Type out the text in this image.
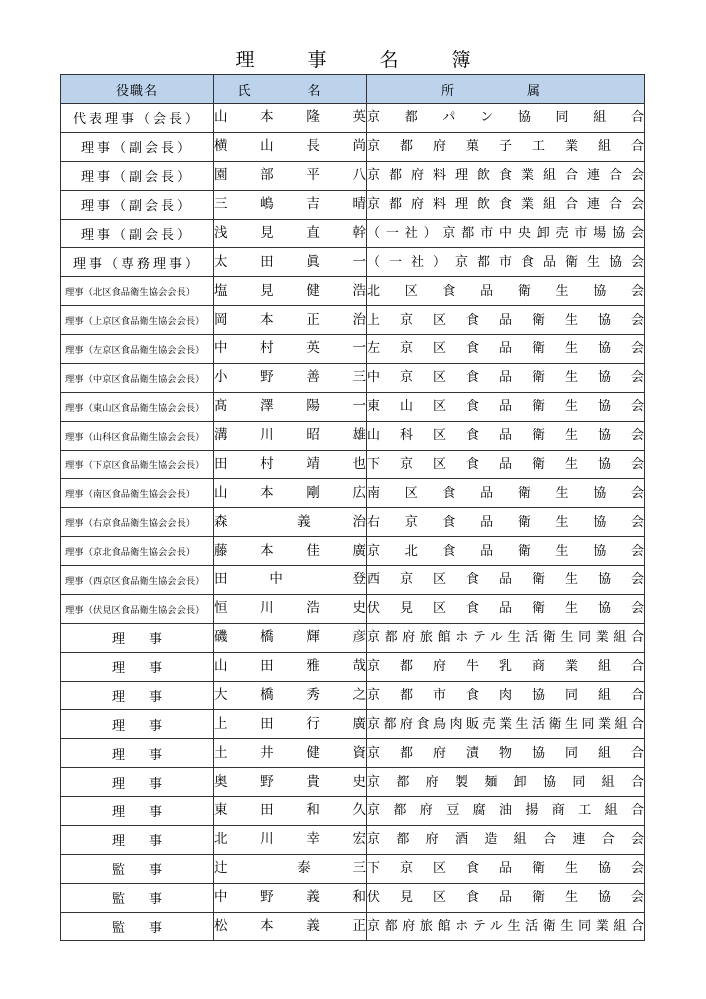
理　事　名　簿
役職名	氏　名	所　属
代表理事（会長）	山　本　隆　英	京都パン協同組合

理事（副会長）	横　山　長　尚	京都府菓子工業組合

理事（副会長）	園　部　平　八	京都府料理飲食業組合連合会

理事（副会長）	三　嶋　吉　晴	京都府料理飲食業組合連合会

理事（副会長）	浅　見　直　幹	（一社）京都市中央卸売市場協会

理事（専務理事）	太　田　眞　一	（一社）京都市食品衛生協会

理事（北区食品衛生協会会長）	塩　見　健　浩	北区食品衛生協会

理事（上京区食品衛生協会会長）	岡　本　正　治	上京区食品衛生協会

理事（左京区食品衛生協会会長）	中　村　英　一	左京区食品衛生協会

理事（中京区食品衛生協会会長）	小　野　善　三	中京区食品衛生協会

理事（東山区食品衛生協会会長）	髙　澤　陽　一	東山区食品衛生協会

理事（山科区食品衛生協会会長）	溝　川　昭　雄	山科区食品衛生協会

理事（下京区食品衛生協会会長）	田　村　靖　也	下京区食品衛生協会

理事（南区食品衛生協会会長）	山　本　剛　広	南区食品衛生協会

理事（右京食品衛生協会会長）	森　　義　治	右京食品衛生協会

理事（京北食品衛生協会会長）	藤　本　佳　廣	京北食品衛生協会

理事（西京区食品衛生協会会長）	田　中　　登	西京区食品衛生協会

理事（伏見区食品衛生協会会長）	恒　川　浩　史	伏見区食品衛生協会

理事	磯　橋　輝　彦	京都府旅館ホテル生活衛生同業組合

理事	山　田　雅　哉	京都府牛乳商業組合

理事	大　橋　秀　之	京都市食肉協同組合

理事	上　田　行　廣	京都府食鳥肉販売業生活衛生同業組合

理事	土　井　健　資	京都府漬物協同組合

理事	奥　野　貴　史	京都府製麺卸協同組合

理事	東　田　和　久	京都府豆腐油揚商工組合

理事	北　川　幸　宏	京都府酒造組合連合会

監事	辻　　泰　三	下京区食品衛生協会

監事	中　野　義　和	伏見区食品衛生協会

監事	松　本　義　正	京都府旅館ホテル生活衛生同業組合
